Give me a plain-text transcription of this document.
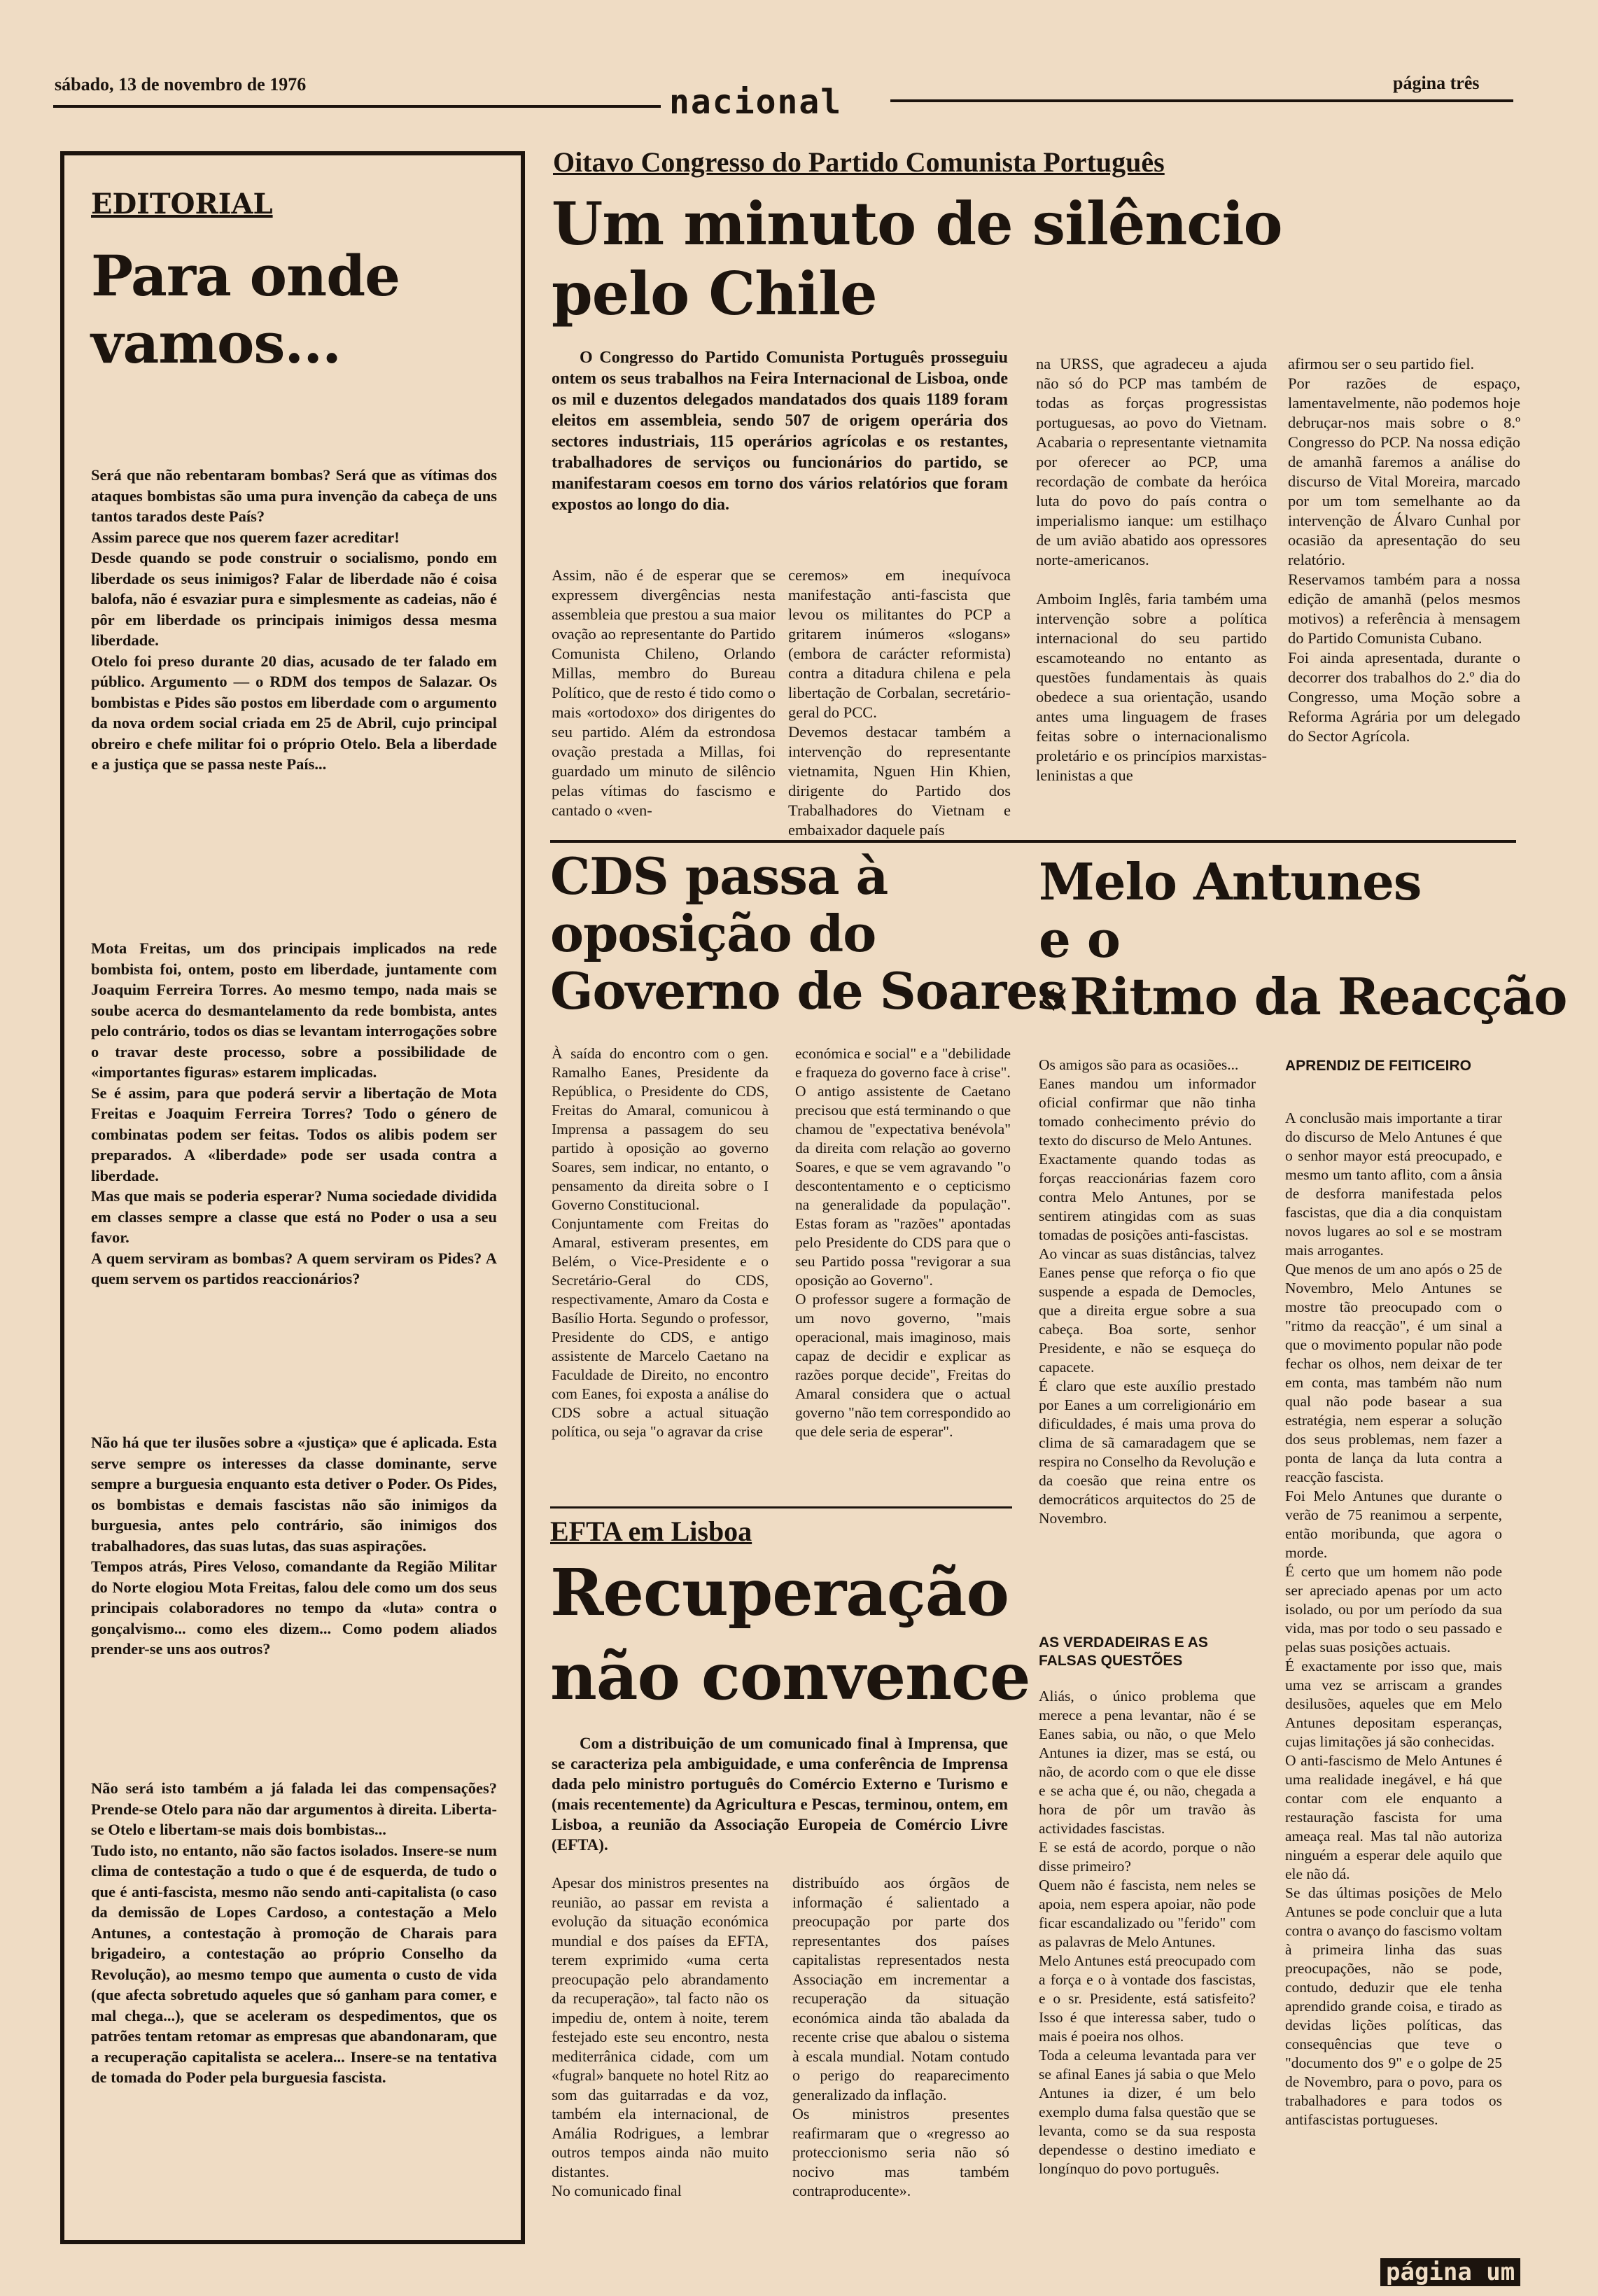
sábado, 13 de novembro de 1976	nacional	página três
EDITORIAL
Para onde vamos...
Será que não rebentaram bombas? Será que as vítimas dos ataques bombistas são uma pura invenção da cabeça de uns tantos tarados deste País?
Assim parece que nos querem fazer acreditar!
Desde quando se pode construir o socialismo, pondo em liberdade os seus inimigos? Falar de liberdade não é coisa balofa, não é esvaziar pura e simplesmente as cadeias, não é pôr em liberdade os principais inimigos dessa mesma liberdade.
Otelo foi preso durante 20 dias, acusado de ter falado em público. Argumento — o RDM dos tempos de Salazar. Os bombistas e Pides são postos em liberdade com o argumento da nova ordem social criada em 25 de Abril, cujo principal obreiro e chefe militar foi o próprio Otelo. Bela a liberdade e a justiça que se passa neste País...
Mota Freitas, um dos principais implicados na rede bombista foi, ontem, posto em liberdade, juntamente com Joaquim Ferreira Torres. Ao mesmo tempo, nada mais se soube acerca do desmantelamento da rede bombista, antes pelo contrário, todos os dias se levantam interrogações sobre o travar deste processo, sobre a possibilidade de «importantes figuras» estarem implicadas.
Se é assim, para que poderá servir a libertação de Mota Freitas e Joaquim Ferreira Torres? Todo o género de combinatas podem ser feitas. Todos os alibis podem ser preparados. A «liberdade» pode ser usada contra a liberdade.
Mas que mais se poderia esperar? Numa sociedade dividida em classes sempre a classe que está no Poder o usa a seu favor.
A quem serviram as bombas? A quem serviram os Pides? A quem servem os partidos reaccionários?
Não há que ter ilusões sobre a «justiça» que é aplicada. Esta serve sempre os interesses da classe dominante, serve sempre a burguesia enquanto esta detiver o Poder. Os Pides, os bombistas e demais fascistas não são inimigos da burguesia, antes pelo contrário, são inimigos dos trabalhadores, das suas lutas, das suas aspirações.
Tempos atrás, Pires Veloso, comandante da Região Militar do Norte elogiou Mota Freitas, falou dele como um dos seus principais colaboradores no tempo da «luta» contra o gonçalvismo... como eles dizem... Como podem aliados prender-se uns aos outros?
Não será isto também a já falada lei das compensações? Prende-se Otelo para não dar argumentos à direita. Liberta-se Otelo e libertam-se mais dois bombistas...
Tudo isto, no entanto, não são factos isolados. Insere-se num clima de contestação a tudo o que é de esquerda, de tudo o que é anti-fascista, mesmo não sendo anti-capitalista (o caso da demissão de Lopes Cardoso, a contestação a Melo Antunes, a contestação à promoção de Charais para brigadeiro, a contestação ao próprio Conselho da Revolução), ao mesmo tempo que aumenta o custo de vida (que afecta sobretudo aqueles que só ganham para comer, e mal chega...), que se aceleram os despedimentos, que os patrões tentam retomar as empresas que abandonaram, que a recuperação capitalista se acelera... Insere-se na tentativa de tomada do Poder pela burguesia fascista.
Oitavo Congresso do Partido Comunista Português
Um minuto de silêncio
pelo Chile
O Congresso do Partido Comunista Português prosseguiu ontem os seus trabalhos na Feira Internacional de Lisboa, onde os mil e duzentos delegados mandatados dos quais 1189 foram eleitos em assembleia, sendo 507 de origem operária dos sectores industriais, 115 operários agrícolas e os restantes, trabalhadores de serviços ou funcionários do partido, se manifestaram coesos em torno dos vários relatórios que foram expostos ao longo do dia.
Assim, não é de esperar que se expressem divergências nesta assembleia que prestou a sua maior ovação ao representante do Partido Comunista Chileno, Orlando Millas, membro do Bureau Político, que de resto é tido como o mais «ortodoxo» dos dirigentes do seu partido. Além da estrondosa ovação prestada a Millas, foi guardado um minuto de silêncio pelas vítimas do fascismo e cantado o «ven-
ceremos» em inequívoca manifestação anti-fascista que levou os militantes do PCP a gritarem inúmeros «slogans» (embora de carácter reformista) contra a ditadura chilena e pela libertação de Corbalan, secretário-geral do PCC.
Devemos destacar também a intervenção do representante vietnamita, Nguen Hin Khien, dirigente do Partido dos Trabalhadores do Vietnam e embaixador daquele país
na URSS, que agradeceu a ajuda não só do PCP mas também de todas as forças progressistas portuguesas, ao povo do Vietnam. Acabaria o representante vietnamita por oferecer ao PCP, uma recordação de combate da heróica luta do povo do país contra o imperialismo ianque: um estilhaço de um avião abatido aos opressores norte-americanos.

Amboim Inglês, faria também uma intervenção sobre a política internacional do seu partido escamoteando no entanto as questões fundamentais às quais obedece a sua orientação, usando antes uma linguagem de frases feitas sobre o internacionalismo proletário e os princípios marxistas-leninistas a que
afirmou ser o seu partido fiel.
Por razões de espaço, lamentavelmente, não podemos hoje debruçar-nos mais sobre o 8.º Congresso do PCP. Na nossa edição de amanhã faremos a análise do discurso de Vital Moreira, marcado por um tom semelhante ao da intervenção de Álvaro Cunhal por ocasião da apresentação do seu relatório.
Reservamos também para a nossa edição de amanhã (pelos mesmos motivos) a referência à mensagem do Partido Comunista Cubano.
Foi ainda apresentada, durante o decorrer dos trabalhos do 2.º dia do Congresso, uma Moção sobre a Reforma Agrária por um delegado do Sector Agrícola.
CDS passa à
oposição do
Governo de Soares
À saída do encontro com o gen. Ramalho Eanes, Presidente da República, o Presidente do CDS, Freitas do Amaral, comunicou à Imprensa a passagem do seu partido à oposição ao governo Soares, sem indicar, no entanto, o pensamento da direita sobre o I Governo Constitucional.
Conjuntamente com Freitas do Amaral, estiveram presentes, em Belém, o Vice-Presidente e o Secretário-Geral do CDS, respectivamente, Amaro da Costa e Basílio Horta. Segundo o professor, Presidente do CDS, e antigo assistente de Marcelo Caetano na Faculdade de Direito, no encontro com Eanes, foi exposta a análise do CDS sobre a actual situação política, ou seja "o agravar da crise
económica e social" e a "debilidade e fraqueza do governo face à crise".
O antigo assistente de Caetano precisou que está terminando o que chamou de "expectativa benévola" da direita com relação ao governo Soares, e que se vem agravando "o descontentamento e o cepticismo na generalidade da população". Estas foram as "razões" apontadas pelo Presidente do CDS para que o seu Partido possa "revigorar a sua oposição ao Governo".
O professor sugere a formação de um novo governo, "mais operacional, mais imaginoso, mais capaz de decidir e explicar as razões porque decide", Freitas do Amaral considera que o actual governo "não tem correspondido ao que dele seria de esperar".
EFTA em Lisboa
Recuperação
não convence
Com a distribuição de um comunicado final à Imprensa, que se caracteriza pela ambiguidade, e uma conferência de Imprensa dada pelo ministro português do Comércio Externo e Turismo e (mais recentemente) da Agricultura e Pescas, terminou, ontem, em Lisboa, a reunião da Associação Europeia de Comércio Livre (EFTA).
Apesar dos ministros presentes na reunião, ao passar em revista a evolução da situação económica mundial e dos países da EFTA, terem exprimido «uma certa preocupação pelo abrandamento da recuperação», tal facto não os impediu de, ontem à noite, terem festejado este seu encontro, nesta mediterrânica cidade, com um «fugral» banquete no hotel Ritz ao som das guitarradas e da voz, também ela internacional, de Amália Rodrigues, a lembrar outros tempos ainda não muito distantes.
No comunicado final
distribuído aos órgãos de informação é salientado a preocupação por parte dos representantes dos países capitalistas representados nesta Associação em incrementar a recuperação da situação económica ainda tão abalada da recente crise que abalou o sistema à escala mundial. Notam contudo o perigo do reaparecimento generalizado da inflação.
Os ministros presentes reafirmaram que o «regresso ao proteccionismo seria não só nocivo mas também contraproducente».
Melo Antunes
e o
«Ritmo da Reacção
Os amigos são para as ocasiões...
Eanes mandou um informador oficial confirmar que não tinha tomado conhecimento prévio do texto do discurso de Melo Antunes.
Exactamente quando todas as forças reaccionárias fazem coro contra Melo Antunes, por se sentirem atingidas com as suas tomadas de posições anti-fascistas.
Ao vincar as suas distâncias, talvez Eanes pense que reforça o fio que suspende a espada de Democles, que a direita ergue sobre a sua cabeça. Boa sorte, senhor Presidente, e não se esqueça do capacete.
É claro que este auxílio prestado por Eanes a um correligionário em dificuldades, é mais uma prova do clima de sã camaradagem que se respira no Conselho da Revolução e da coesão que reina entre os democráticos arquitectos do 25 de Novembro.
AS VERDADEIRAS E AS FALSAS QUESTÕES
Aliás, o único problema que merece a pena levantar, não é se Eanes sabia, ou não, o que Melo Antunes ia dizer, mas se está, ou não, de acordo com o que ele disse e se acha que é, ou não, chegada a hora de pôr um travão às actividades fascistas.
E se está de acordo, porque o não disse primeiro?
Quem não é fascista, nem neles se apoia, nem espera apoiar, não pode ficar escandalizado ou "ferido" com as palavras de Melo Antunes.
Melo Antunes está preocupado com a força e o à vontade dos fascistas, e o sr. Presidente, está satisfeito? Isso é que interessa saber, tudo o mais é poeira nos olhos.
Toda a celeuma levantada para ver se afinal Eanes já sabia o que Melo Antunes ia dizer, é um belo exemplo duma falsa questão que se levanta, como se da sua resposta dependesse o destino imediato e longínquo do povo português.
APRENDIZ DE FEITICEIRO
A conclusão mais importante a tirar do discurso de Melo Antunes é que o senhor mayor está preocupado, e mesmo um tanto aflito, com a ânsia de desforra manifestada pelos fascistas, que dia a dia conquistam novos lugares ao sol e se mostram mais arrogantes.
Que menos de um ano após o 25 de Novembro, Melo Antunes se mostre tão preocupado com o "ritmo da reacção", é um sinal a que o movimento popular não pode fechar os olhos, nem deixar de ter em conta, mas também não num qual não pode basear a sua estratégia, nem esperar a solução dos seus problemas, nem fazer a ponta de lança da luta contra a reacção fascista.
Foi Melo Antunes que durante o verão de 75 reanimou a serpente, então moribunda, que agora o morde.
É certo que um homem não pode ser apreciado apenas por um acto isolado, ou por um período da sua vida, mas por todo o seu passado e pelas suas posições actuais.
É exactamente por isso que, mais uma vez se arriscam a grandes desilusões, aqueles que em Melo Antunes depositam esperanças, cujas limitações já são conhecidas.
O anti-fascismo de Melo Antunes é uma realidade inegável, e há que contar com ele enquanto a restauração fascista for uma ameaça real. Mas tal não autoriza ninguém a esperar dele aquilo que ele não dá.
Se das últimas posições de Melo Antunes se pode concluir que a luta contra o avanço do fascismo voltam à primeira linha das suas preocupações, não se pode, contudo, deduzir que ele tenha aprendido grande coisa, e tirado as devidas lições políticas, das consequências que teve o "documento dos 9" e o golpe de 25 de Novembro, para o povo, para os trabalhadores e para todos os antifascistas portugueses.
página um
